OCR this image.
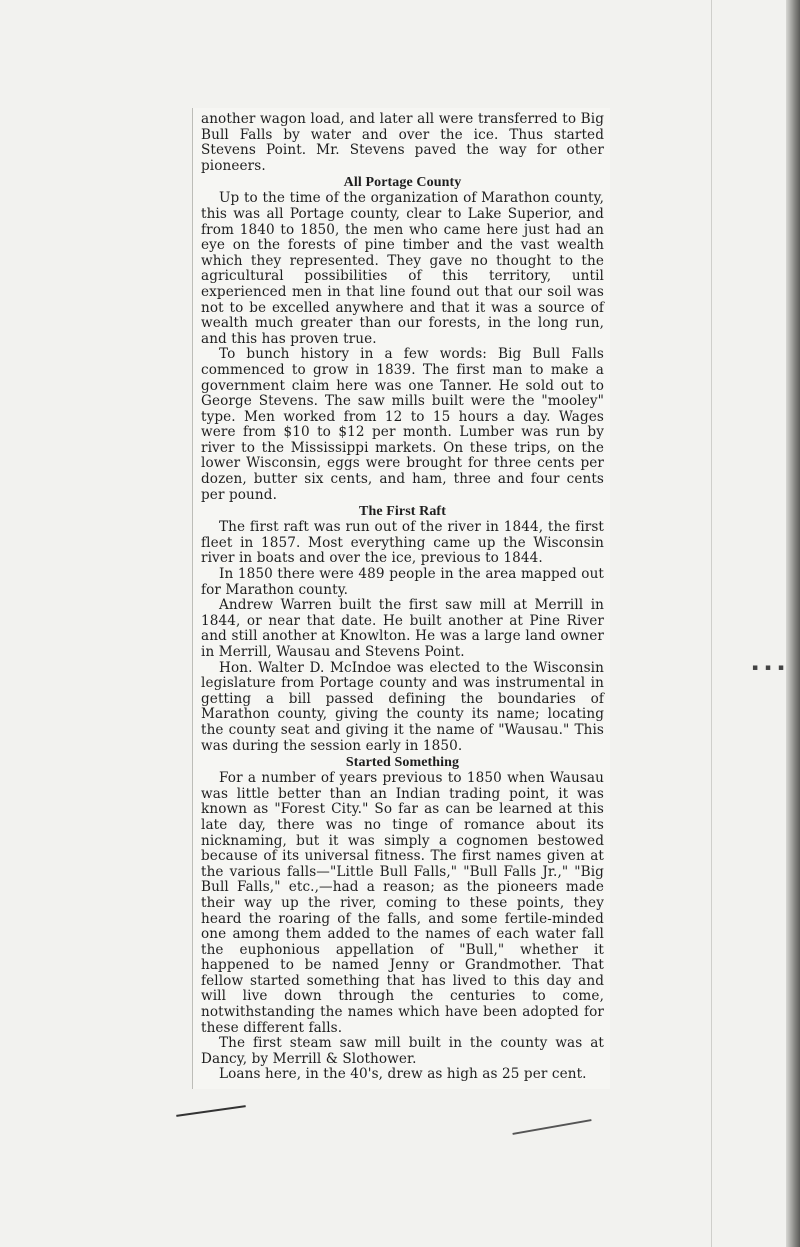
another wagon load, and later all were transferred to Big Bull Falls by water and over the ice. Thus started Stevens Point. Mr. Stevens paved the way for other pioneers.

All Portage County

Up to the time of the organization of Marathon county, this was all Portage county, clear to Lake Superior, and from 1840 to 1850, the men who came here just had an eye on the forests of pine timber and the vast wealth which they represented. They gave no thought to the agricultural possibilities of this territory, until experienced men in that line found out that our soil was not to be excelled anywhere and that it was a source of wealth much greater than our forests, in the long run, and this has proven true.

To bunch history in a few words: Big Bull Falls commenced to grow in 1839. The first man to make a government claim here was one Tanner. He sold out to George Stevens. The saw mills built were the "mooley" type. Men worked from 12 to 15 hours a day. Wages were from $10 to $12 per month. Lumber was run by river to the Mississippi markets. On these trips, on the lower Wisconsin, eggs were brought for three cents per dozen, butter six cents, and ham, three and four cents per pound.

The First Raft

The first raft was run out of the river in 1844, the first fleet in 1857. Most everything came up the Wisconsin river in boats and over the ice, previous to 1844.

In 1850 there were 489 people in the area mapped out for Marathon county.

Andrew Warren built the first saw mill at Merrill in 1844, or near that date. He built another at Pine River and still another at Knowlton. He was a large land owner in Merrill, Wausau and Stevens Point.

Hon. Walter D. McIndoe was elected to the Wisconsin legislature from Portage county and was instrumental in getting a bill passed defining the boundaries of Marathon county, giving the county its name; locating the county seat and giving it the name of "Wausau." This was during the session early in 1850.

Started Something

For a number of years previous to 1850 when Wausau was little better than an Indian trading point, it was known as "Forest City." So far as can be learned at this late day, there was no tinge of romance about its nicknaming, but it was simply a cognomen bestowed because of its universal fitness. The first names given at the various falls—"Little Bull Falls," "Bull Falls Jr.," "Big Bull Falls," etc.,—had a reason; as the pioneers made their way up the river, coming to these points, they heard the roaring of the falls, and some fertile-minded one among them added to the names of each water fall the euphonious appellation of "Bull," whether it happened to be named Jenny or Grandmother. That fellow started something that has lived to this day and will live down through the centuries to come, notwithstanding the names which have been adopted for these different falls.

The first steam saw mill built in the county was at Dancy, by Merrill & Slothower.

Loans here, in the 40's, drew as high as 25 per cent.

▪ ▪ ▪
